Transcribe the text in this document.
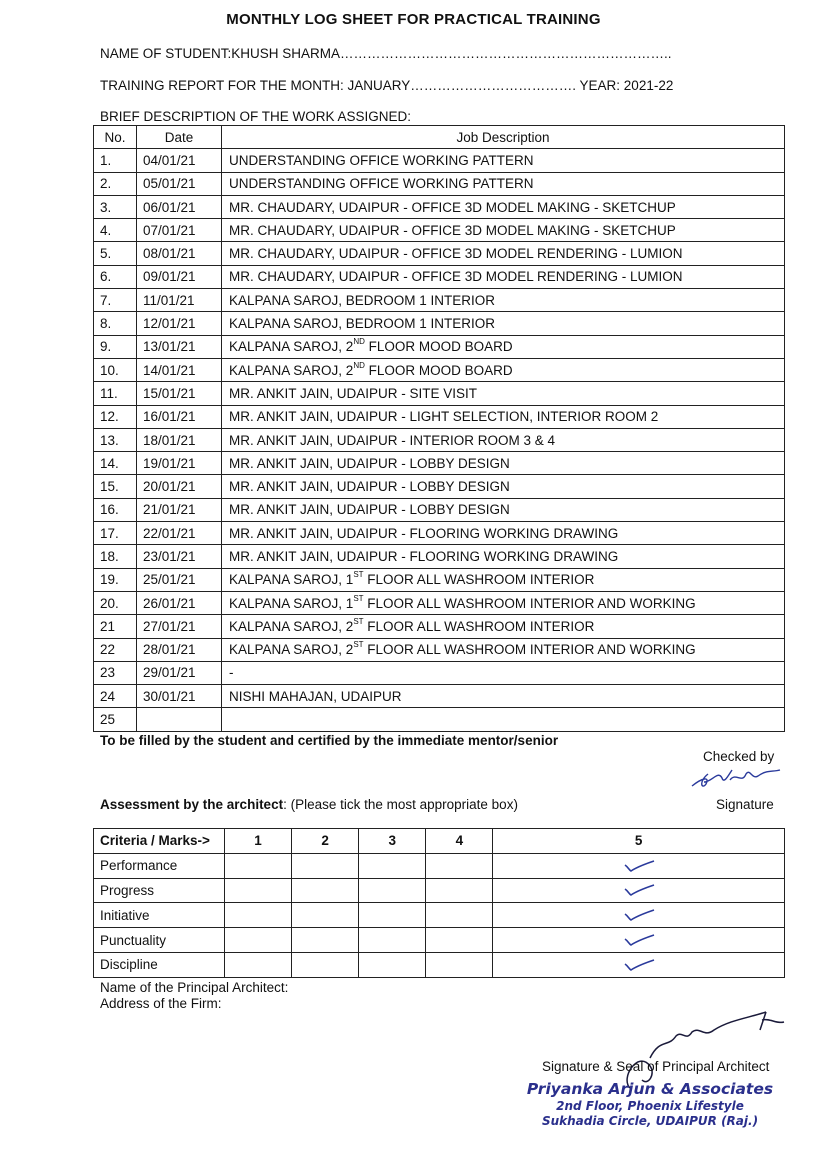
MONTHLY LOG SHEET FOR PRACTICAL TRAINING
NAME OF STUDENT:KHUSH SHARMA………………………………………………………………..
TRAINING REPORT FOR THE MONTH: JANUARY………………………………. YEAR: 2021-22
BRIEF DESCRIPTION OF THE WORK ASSIGNED:
No.	Date	Job Description
1.	04/01/21	UNDERSTANDING OFFICE WORKING PATTERN
2.	05/01/21	UNDERSTANDING OFFICE WORKING PATTERN
3.	06/01/21	MR. CHAUDARY, UDAIPUR - OFFICE 3D MODEL MAKING - SKETCHUP
4.	07/01/21	MR. CHAUDARY, UDAIPUR - OFFICE 3D MODEL MAKING - SKETCHUP
5.	08/01/21	MR. CHAUDARY, UDAIPUR - OFFICE 3D MODEL RENDERING - LUMION
6.	09/01/21	MR. CHAUDARY, UDAIPUR - OFFICE 3D MODEL RENDERING - LUMION
7.	11/01/21	KALPANA SAROJ, BEDROOM 1 INTERIOR
8.	12/01/21	KALPANA SAROJ, BEDROOM 1 INTERIOR
9.	13/01/21	KALPANA SAROJ, 2ND FLOOR MOOD BOARD
10.	14/01/21	KALPANA SAROJ, 2ND FLOOR MOOD BOARD
11.	15/01/21	MR. ANKIT JAIN, UDAIPUR - SITE VISIT
12.	16/01/21	MR. ANKIT JAIN, UDAIPUR - LIGHT SELECTION, INTERIOR ROOM 2
13.	18/01/21	MR. ANKIT JAIN, UDAIPUR - INTERIOR ROOM 3 & 4
14.	19/01/21	MR. ANKIT JAIN, UDAIPUR - LOBBY DESIGN
15.	20/01/21	MR. ANKIT JAIN, UDAIPUR - LOBBY DESIGN
16.	21/01/21	MR. ANKIT JAIN, UDAIPUR - LOBBY DESIGN
17.	22/01/21	MR. ANKIT JAIN, UDAIPUR - FLOORING WORKING DRAWING
18.	23/01/21	MR. ANKIT JAIN, UDAIPUR - FLOORING WORKING DRAWING
19.	25/01/21	KALPANA SAROJ, 1ST FLOOR ALL WASHROOM INTERIOR
20.	26/01/21	KALPANA SAROJ, 1ST FLOOR ALL WASHROOM INTERIOR AND WORKING
21	27/01/21	KALPANA SAROJ, 2ST FLOOR ALL WASHROOM INTERIOR
22	28/01/21	KALPANA SAROJ, 2ST FLOOR ALL WASHROOM INTERIOR AND WORKING
23	29/01/21	-
24	30/01/21	NISHI MAHAJAN, UDAIPUR
25		
To be filled by the student and certified by the immediate mentor/senior
Checked by
Assessment by the architect: (Please tick the most appropriate box)	Signature
Criteria / Marks->	1	2	3	4	5
Performance					

Progress					

Initiative					

Punctuality					

Discipline					
Name of the Principal Architect:
Address of the Firm:
Signature & Seal of Principal Architect
Priyanka Arjun & Associates
2nd Floor, Phoenix Lifestyle
Sukhadia Circle, UDAIPUR (Raj.)
